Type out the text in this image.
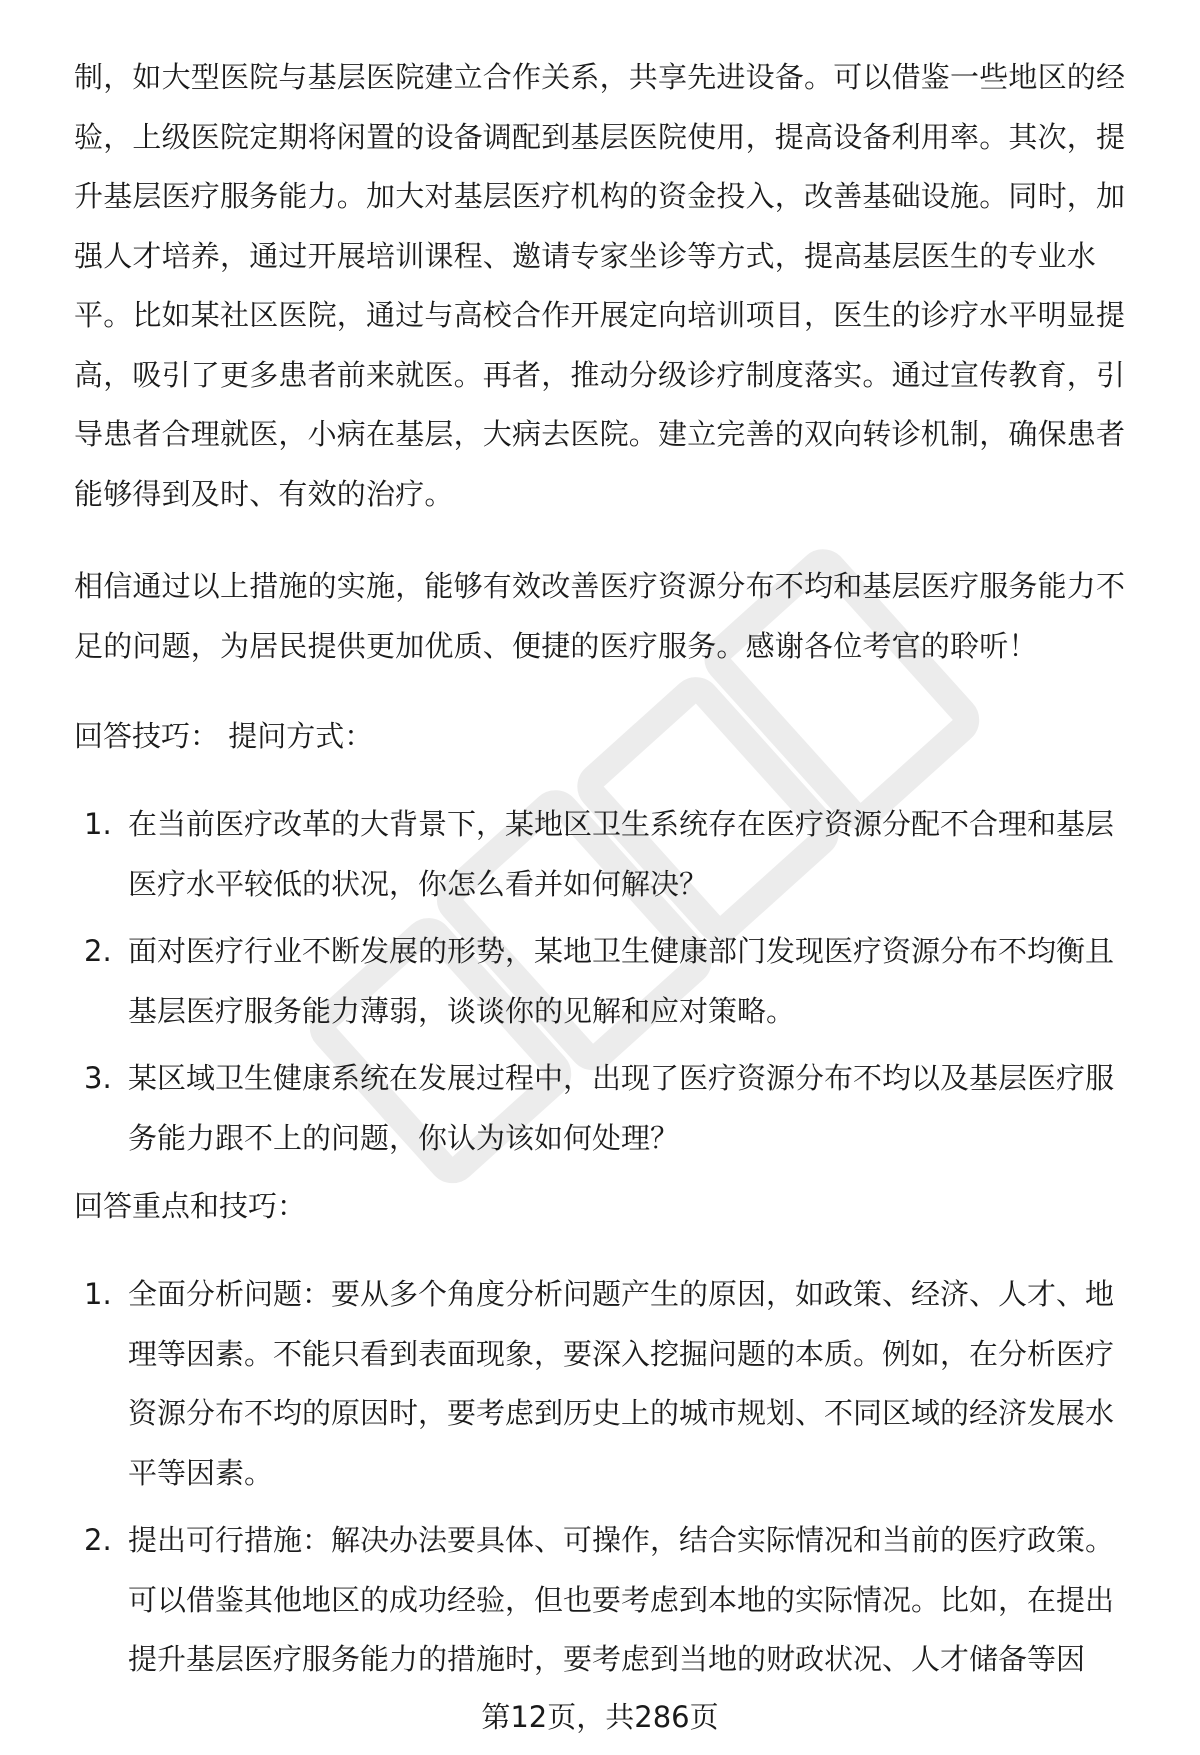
制，如大型医院与基层医院建立合作关系，共享先进设备。可以借鉴一些地区的经
验，上级医院定期将闲置的设备调配到基层医院使用，提高设备利用率。其次，提
升基层医疗服务能力。加大对基层医疗机构的资金投入，改善基础设施。同时，加
强人才培养，通过开展培训课程、邀请专家坐诊等方式，提高基层医生的专业水
平。比如某社区医院，通过与高校合作开展定向培训项目，医生的诊疗水平明显提
高，吸引了更多患者前来就医。再者，推动分级诊疗制度落实。通过宣传教育，引
导患者合理就医，小病在基层，大病去医院。建立完善的双向转诊机制，确保患者
能够得到及时、有效的治疗。
相信通过以上措施的实施，能够有效改善医疗资源分布不均和基层医疗服务能力不
足的问题，为居民提供更加优质、便捷的医疗服务。感谢各位考官的聆听！

回答技巧： 提问方式：

1. 在当前医疗改革的大背景下，某地区卫生系统存在医疗资源分配不合理和基层
医疗水平较低的状况，你怎么看并如何解决？
2. 面对医疗行业不断发展的形势，某地卫生健康部门发现医疗资源分布不均衡且
基层医疗服务能力薄弱，谈谈你的见解和应对策略。
3. 某区域卫生健康系统在发展过程中，出现了医疗资源分布不均以及基层医疗服
务能力跟不上的问题，你认为该如何处理？

回答重点和技巧：

1. 全面分析问题：要从多个角度分析问题产生的原因，如政策、经济、人才、地
理等因素。不能只看到表面现象，要深入挖掘问题的本质。例如，在分析医疗
资源分布不均的原因时，要考虑到历史上的城市规划、不同区域的经济发展水
平等因素。
2. 提出可行措施：解决办法要具体、可操作，结合实际情况和当前的医疗政策。
可以借鉴其他地区的成功经验，但也要考虑到本地的实际情况。比如，在提出
提升基层医疗服务能力的措施时，要考虑到当地的财政状况、人才储备等因
第12页，共286页
